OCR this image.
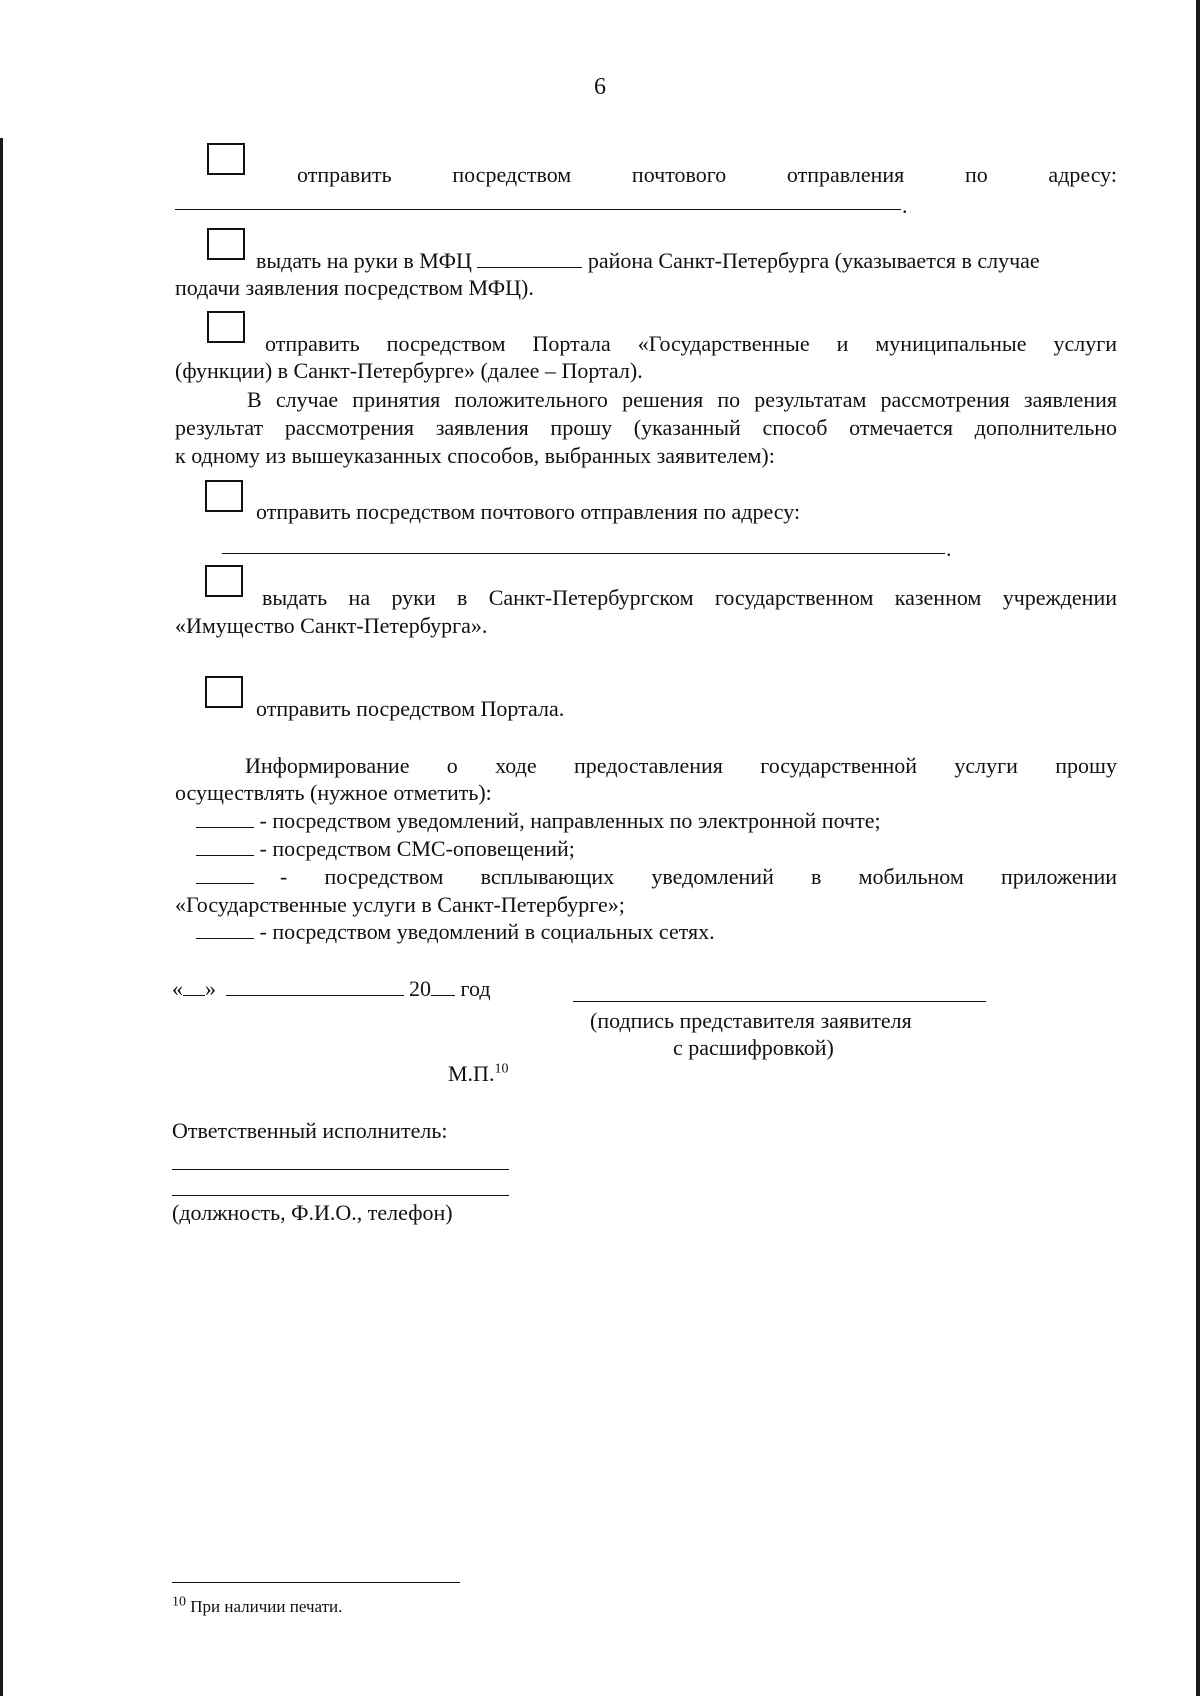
6
отправить посредством почтового отправления по адресу:
.
выдать на руки в МФЦ	района Санкт-Петербурга (указывается в случае
подачи заявления посредством МФЦ).
отправить посредством Портала «Государственные и муниципальные услуги
(функции) в Санкт-Петербурге» (далее – Портал).
В случае принятия положительного решения по результатам рассмотрения заявления
результат рассмотрения заявления прошу (указанный способ отмечается дополнительно
к одному из вышеуказанных способов, выбранных заявителем):
отправить посредством почтового отправления по адресу:
.
выдать на руки в Санкт-Петербургском государственном казенном учреждении
«Имущество Санкт-Петербурга».
отправить посредством Портала.
Информирование о ходе предоставления государственной услуги прошу
осуществлять (нужное отметить):
- посредством уведомлений, направленных по электронной почте;
- посредством СМС-оповещений;
- посредством всплывающих уведомлений в мобильном приложении
«Государственные услуги в Санкт-Петербурге»;
- посредством уведомлений в социальных сетях.
« »	20 год
(подпись представителя заявителя
с расшифровкой)
М.П.$^{10}$
Ответственный исполнитель:
(должность, Ф.И.О., телефон)
$^{10}$ При наличии печати.
